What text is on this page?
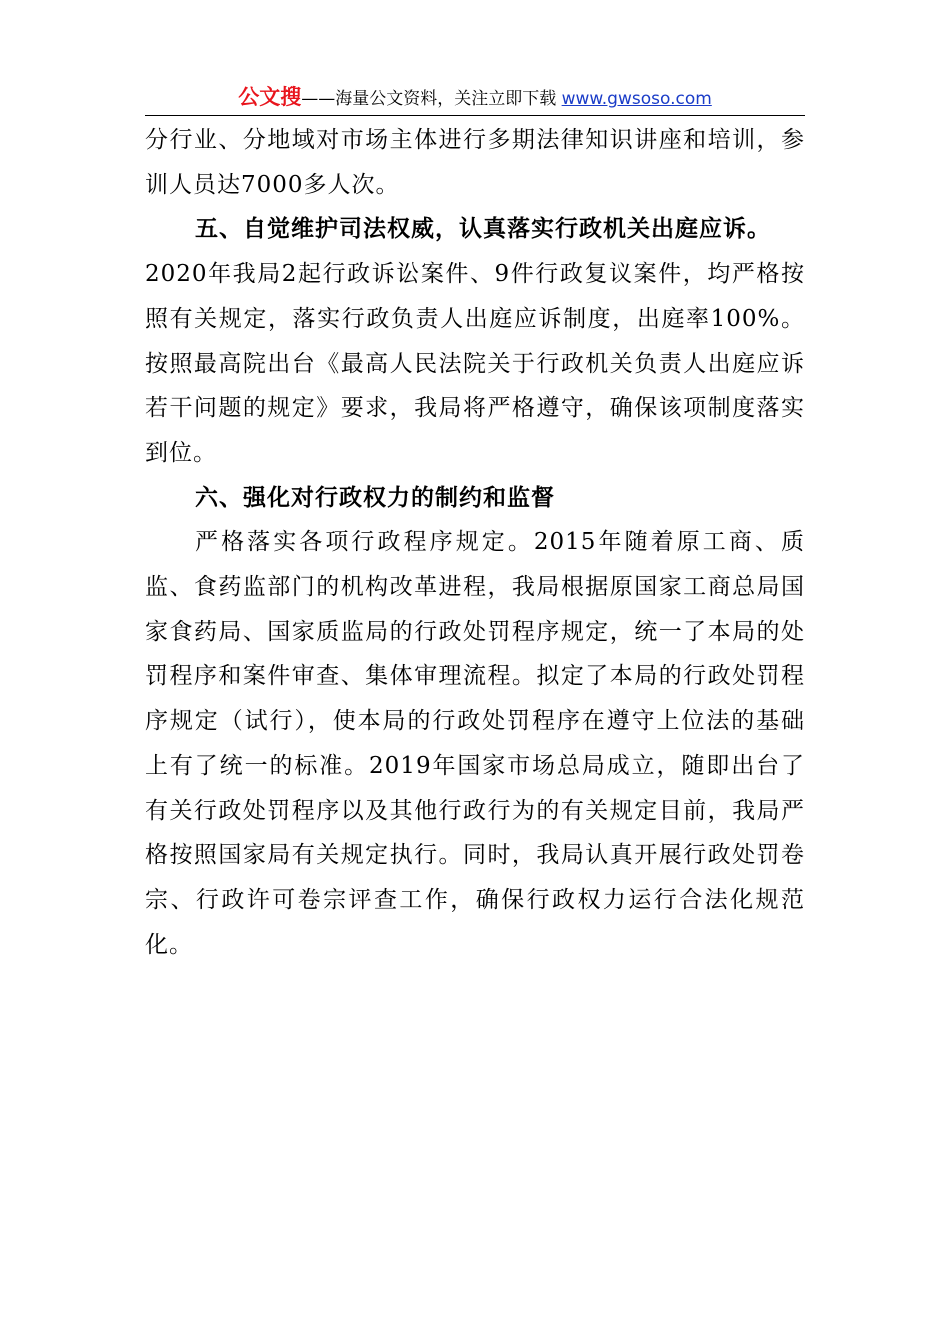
公文搜——海量公文资料，关注立即下载 www.gwsoso.com

分行业、分地域对市场主体进行多期法律知识讲座和培训，参训人员达7000多人次。

五、自觉维护司法权威，认真落实行政机关出庭应诉。

2020年我局2起行政诉讼案件、9件行政复议案件，均严格按照有关规定，落实行政负责人出庭应诉制度，出庭率100%。按照最高院出台《最高人民法院关于行政机关负责人出庭应诉若干问题的规定》要求，我局将严格遵守，确保该项制度落实到位。

六、强化对行政权力的制约和监督

严格落实各项行政程序规定。2015年随着原工商、质监、食药监部门的机构改革进程，我局根据原国家工商总局国家食药局、国家质监局的行政处罚程序规定，统一了本局的处罚程序和案件审查、集体审理流程。拟定了本局的行政处罚程序规定（试行），使本局的行政处罚程序在遵守上位法的基础上有了统一的标准。2019年国家市场总局成立，随即出台了有关行政处罚程序以及其他行政行为的有关规定目前，我局严格按照国家局有关规定执行。同时，我局认真开展行政处罚卷宗、行政许可卷宗评查工作，确保行政权力运行合法化规范化。
